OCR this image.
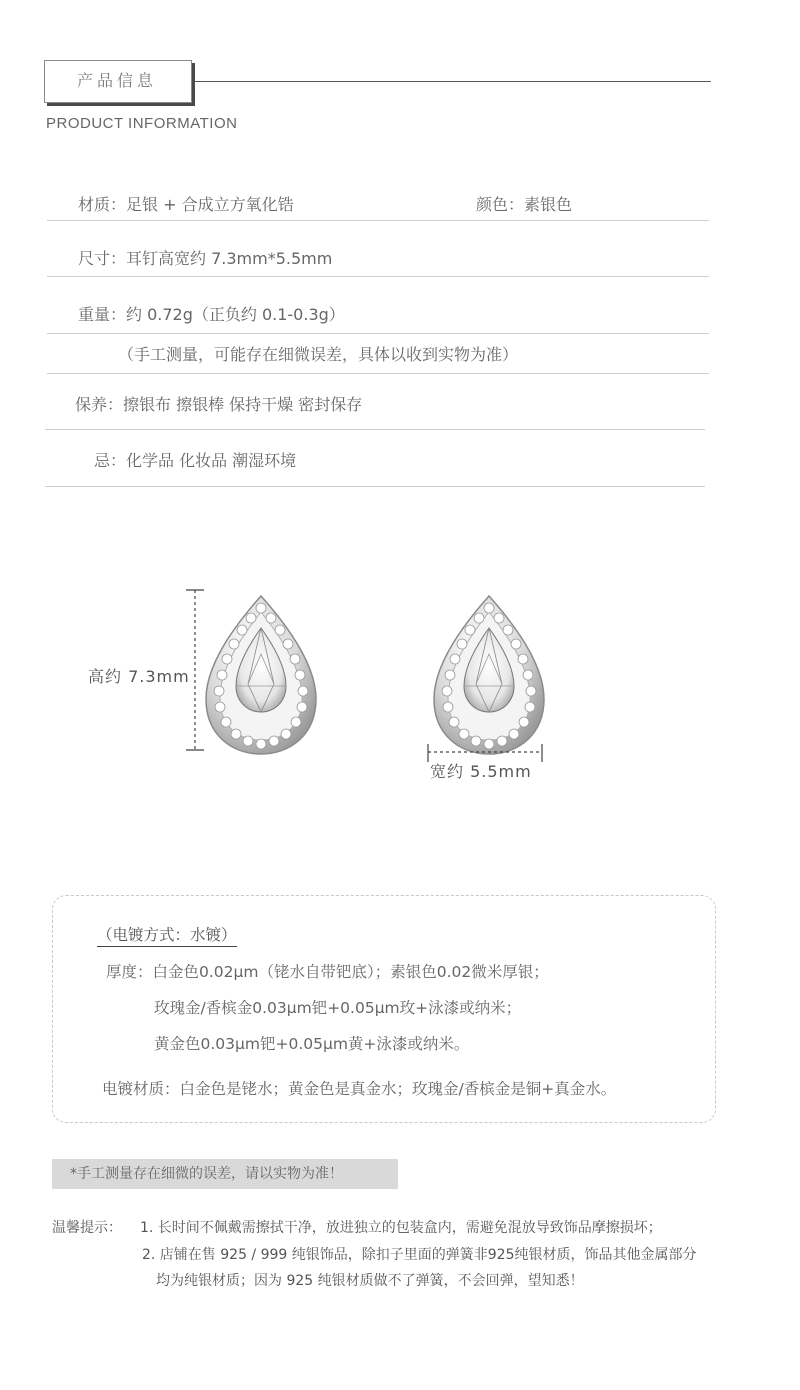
产品信息
PRODUCT INFORMATION
材质：足银 + 合成立方氧化锆	颜色：素银色
尺寸：耳钉高宽约 7.3mm*5.5mm
重量：约 0.72g（正负约 0.1-0.3g）
（手工测量，可能存在细微误差，具体以收到实物为准）
保养：擦银布 擦银棒 保持干燥 密封保存
忌：化学品 化妆品 潮湿环境
高约 7.3mm
宽约 5.5mm
（电镀方式：水镀）
厚度：白金色0.02μm（铑水自带钯底）；素银色0.02微米厚银；
玫瑰金/香槟金0.03μm钯+0.05μm玫+泳漆或纳米；
黄金色0.03μm钯+0.05μm黄+泳漆或纳米。
电镀材质：白金色是铑水；黄金色是真金水；玫瑰金/香槟金是铜+真金水。
*手工测量存在细微的误差，请以实物为准！
温馨提示： 1. 长时间不佩戴需擦拭干净，放进独立的包装盒内，需避免混放导致饰品摩擦损坏；
2. 店铺在售 925 / 999 纯银饰品，除扣子里面的弹簧非925纯银材质，饰品其他金属部分
均为纯银材质；因为 925 纯银材质做不了弹簧，不会回弹，望知悉！
